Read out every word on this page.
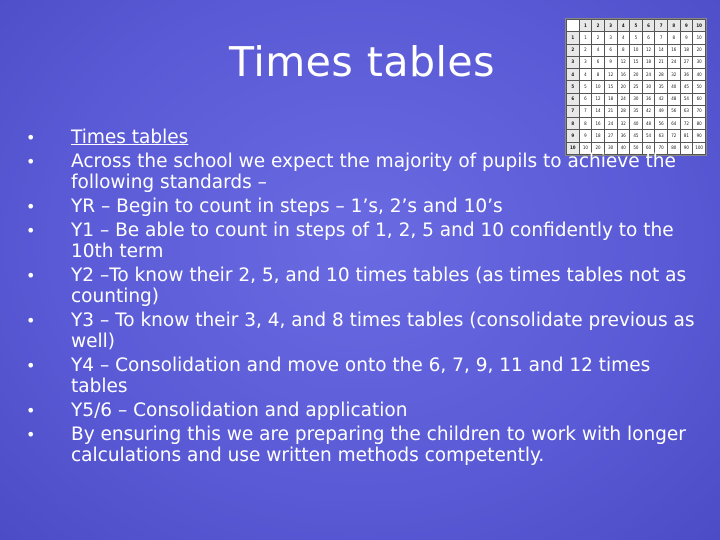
Times tables
	1	2	3	4	5	6	7	8	9	10
1	1	2	3	4	5	6	7	8	9	10
2	2	4	6	8	10	12	14	16	18	20
3	3	6	9	12	15	18	21	24	27	30
4	4	8	12	16	20	24	28	32	36	40
5	5	10	15	20	25	30	35	40	45	50
6	6	12	18	24	30	36	42	48	54	60
7	7	14	21	28	35	42	49	56	63	70
8	8	16	24	32	40	48	56	64	72	80
9	9	18	27	36	45	54	63	72	81	90
10	10	20	30	40	50	60	70	80	90	100
•	Times tables
•	Across the school we expect the majority of pupils to achieve the following standards –
•	YR – Begin to count in steps – 1’s, 2’s and 10’s
•	Y1 – Be able to count in steps of 1, 2, 5 and 10 confidently to the 10th term
•	Y2 –To know their 2, 5, and 10 times tables (as times tables not as counting)
•	Y3 – To know their 3, 4, and 8 times tables (consolidate previous as well)
•	Y4 – Consolidation and move onto the 6, 7, 9, 11 and 12 times tables
•	Y5/6 – Consolidation and application
•	By ensuring this we are preparing the children to work with longer calculations and use written methods competently.
